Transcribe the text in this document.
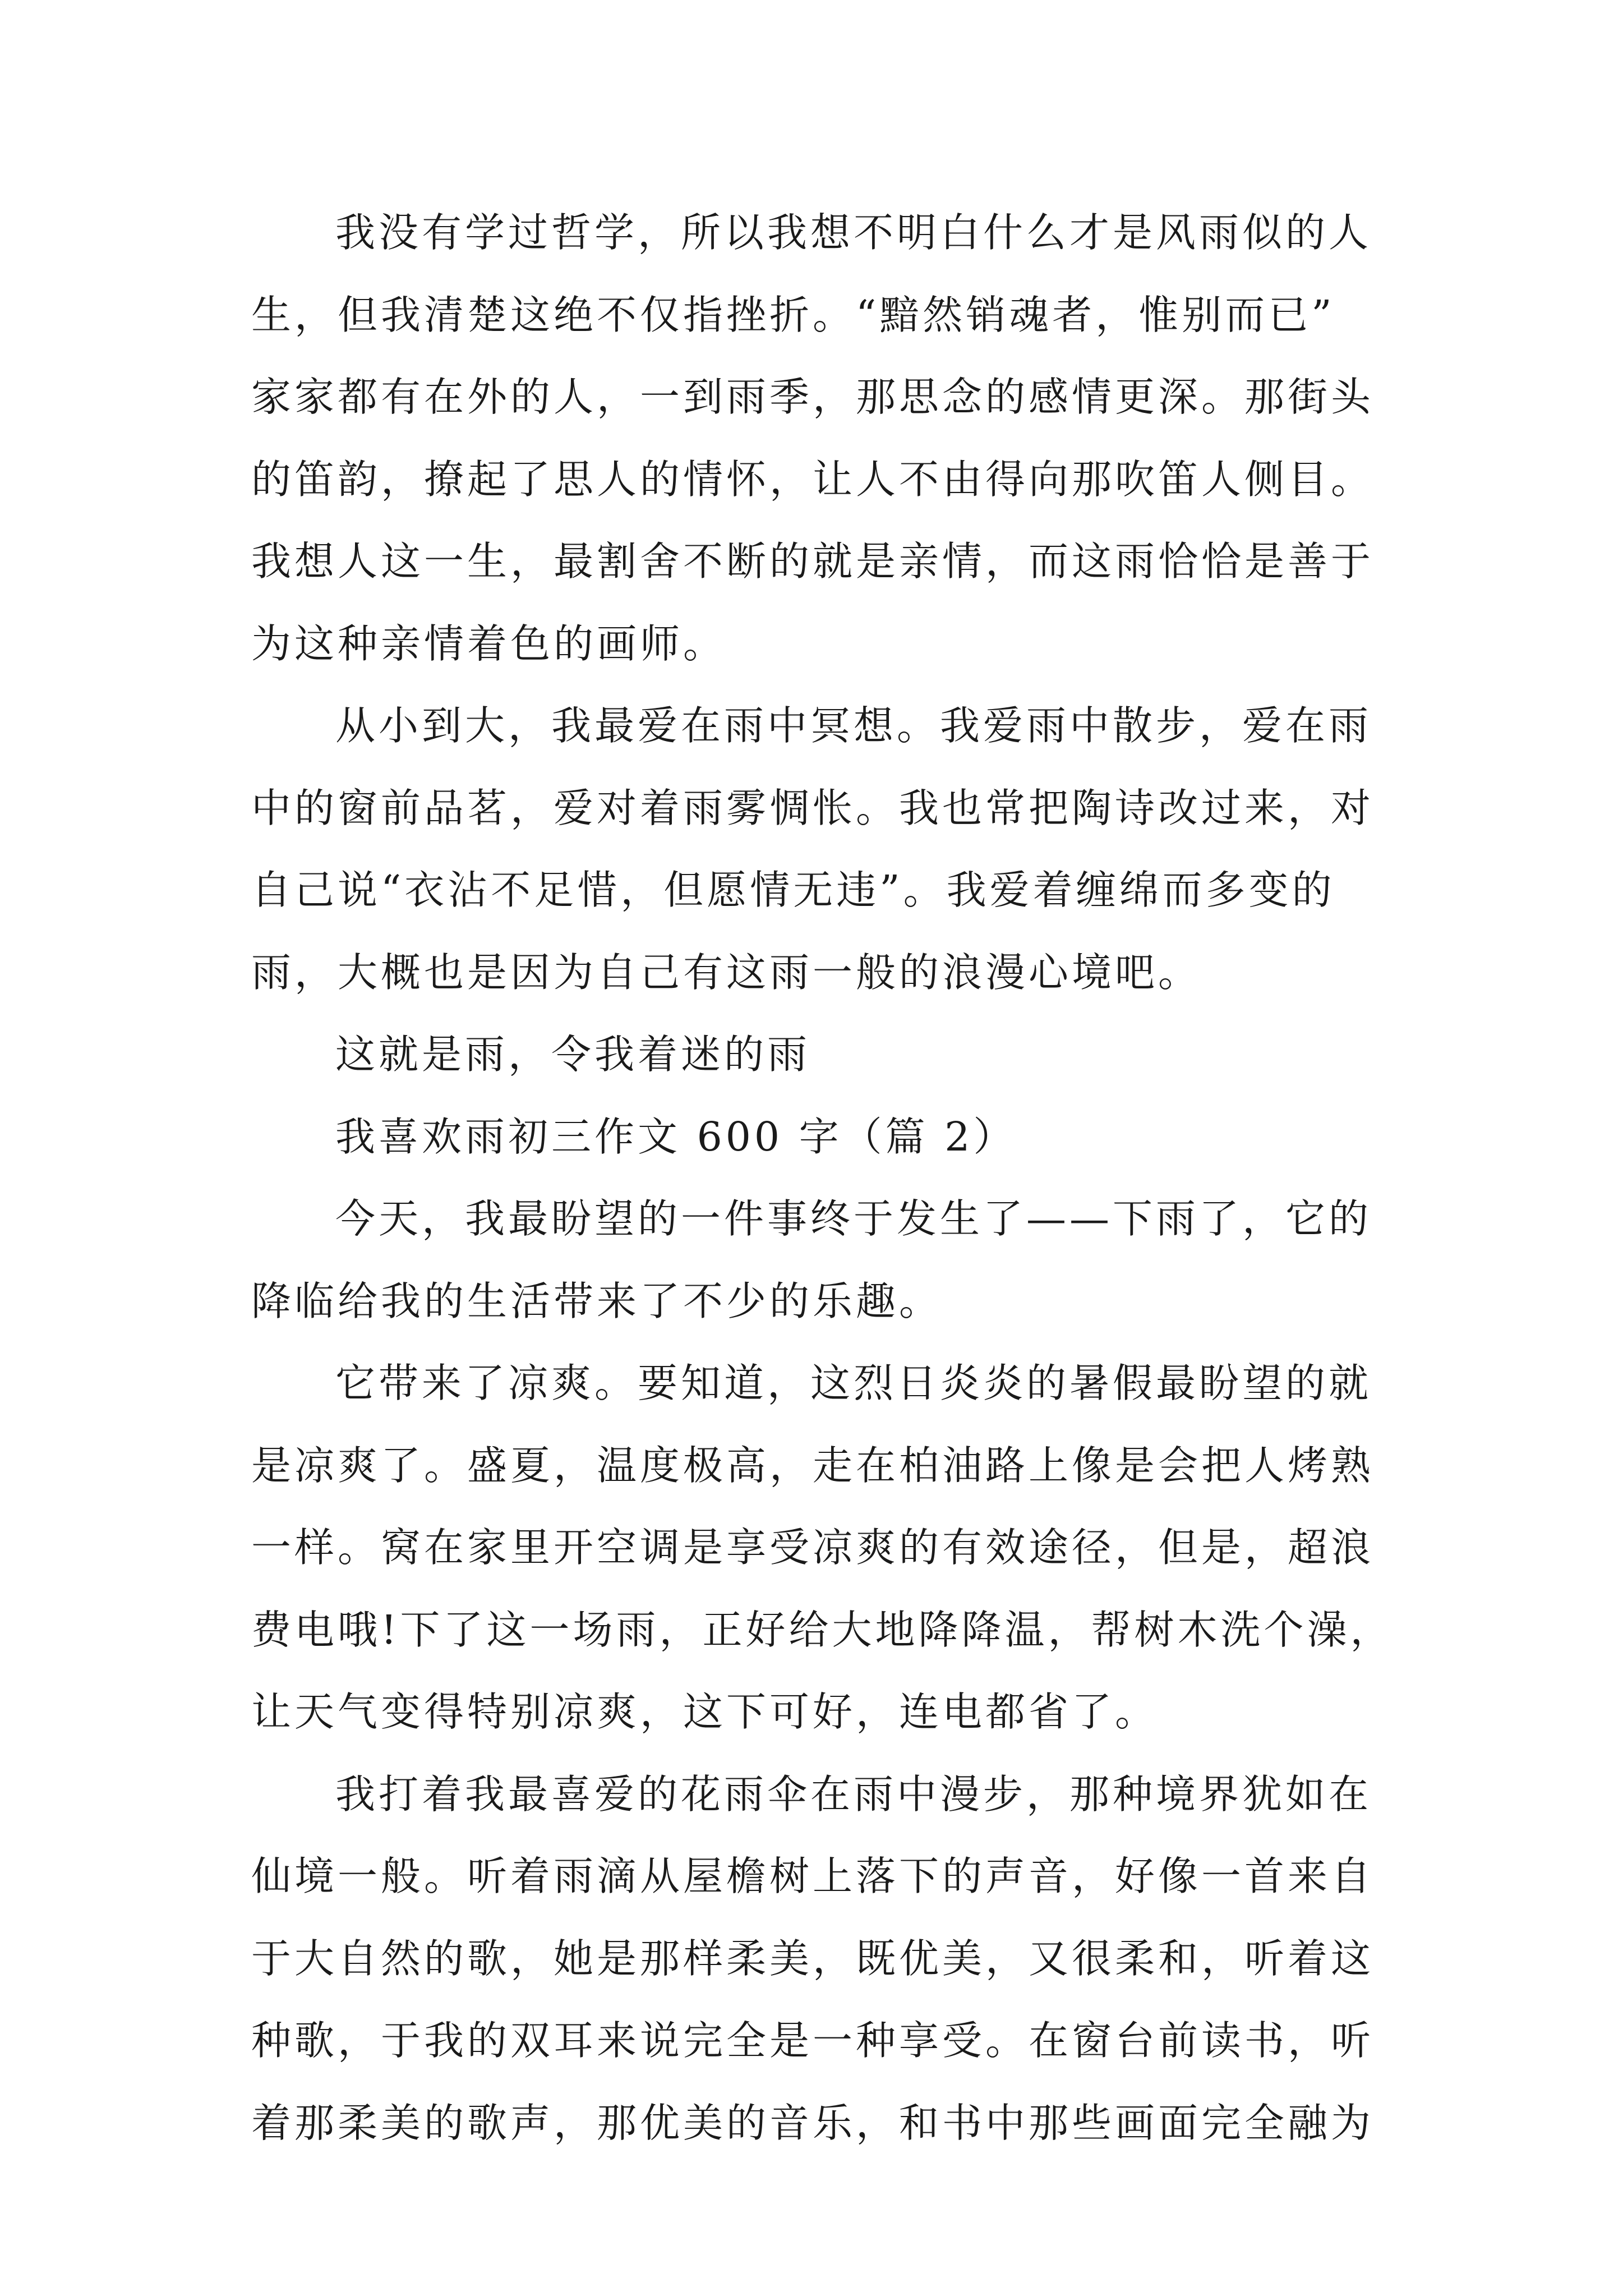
我没有学过哲学，所以我想不明白什么才是风雨似的人
生，但我清楚这绝不仅指挫折。“黯然销魂者，惟别而已”
家家都有在外的人，一到雨季，那思念的感情更深。那街头
的笛韵，撩起了思人的情怀，让人不由得向那吹笛人侧目。
我想人这一生，最割舍不断的就是亲情，而这雨恰恰是善于
为这种亲情着色的画师。
从小到大，我最爱在雨中冥想。我爱雨中散步，爱在雨
中的窗前品茗，爱对着雨雾惆怅。我也常把陶诗改过来，对
自己说“衣沾不足惜，但愿情无违”。我爱着缠绵而多变的
雨，大概也是因为自己有这雨一般的浪漫心境吧。
这就是雨，令我着迷的雨
我喜欢雨初三作文 600 字（篇 2）
今天，我最盼望的一件事终于发生了——下雨了，它的
降临给我的生活带来了不少的乐趣。
它带来了凉爽。要知道，这烈日炎炎的暑假最盼望的就
是凉爽了。盛夏，温度极高，走在柏油路上像是会把人烤熟
一样。窝在家里开空调是享受凉爽的有效途径，但是，超浪
费电哦!下了这一场雨，正好给大地降降温，帮树木洗个澡，
让天气变得特别凉爽，这下可好，连电都省了。
我打着我最喜爱的花雨伞在雨中漫步，那种境界犹如在
仙境一般。听着雨滴从屋檐树上落下的声音，好像一首来自
于大自然的歌，她是那样柔美，既优美，又很柔和，听着这
种歌，于我的双耳来说完全是一种享受。在窗台前读书，听
着那柔美的歌声，那优美的音乐，和书中那些画面完全融为
